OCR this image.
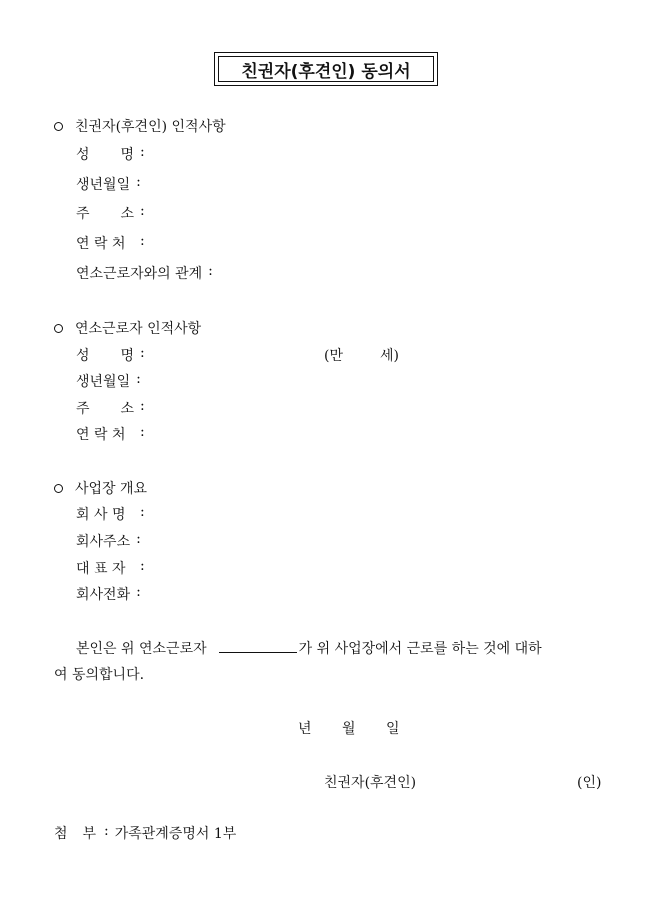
친권자(후견인) 동의서
친권자(후견인) 인적사항
성 명 :
생년월일 :
주 소 :
연 락 처	:
연소근로자와의 관계 :
연소근로자 인적사항
성 명 :	(만	세)
생년월일 :
주 소 :
연 락 처	:
사업장 개요
회 사 명	:
회사주소 :
대 표 자	:
회사전화 :
본인은 위 연소근로자	가 위 사업장에서 근로를 하는 것에 대하
여 동의합니다.
년 월 일
친권자(후견인)	(인)
첨 부 : 가족관계증명서 1부
